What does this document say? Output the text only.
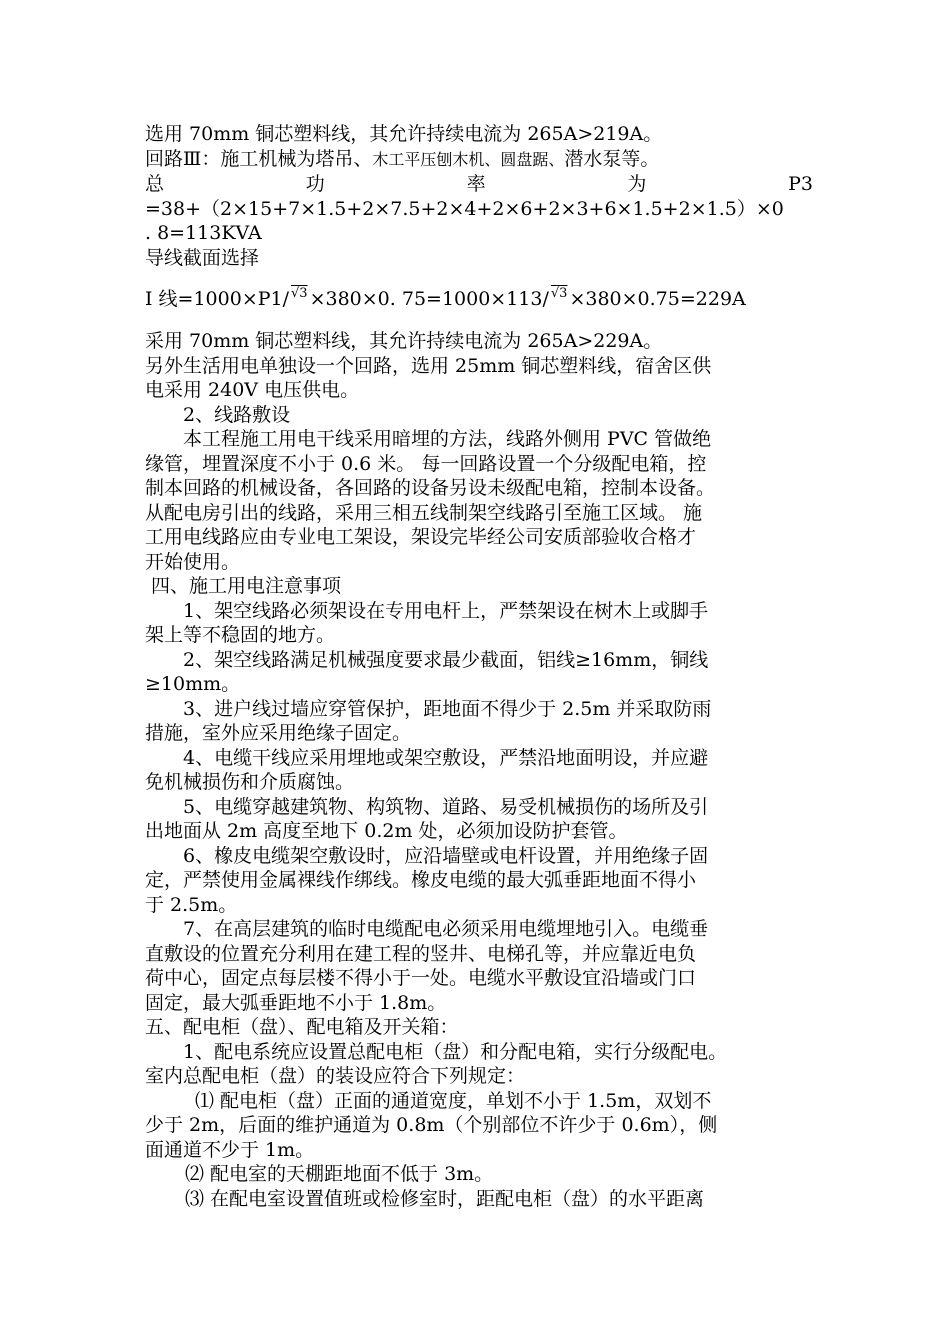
选用 70mm 铜芯塑料线，其允许持续电流为 265A>219A。
回路Ⅲ：施工机械为塔吊、木工平压刨木机、圆盘踞、潜水泵等。
总	功	率	为	P3
=38+（2×15+7×1.5+2×7.5+2×4+2×6+2×3+6×1.5+2×1.5）×0
. 8=113KVA
导线截面选择
I 线=1000×P1/ $^{√3}$ ×380×0. 75=1000×113/ $^{√3}$ ×380×0.75=229A
采用 70mm 铜芯塑料线，其允许持续电流为 265A>229A。
另外生活用电单独设一个回路，选用 25mm 铜芯塑料线，宿舍区供
电采用 240V 电压供电。
2、线路敷设
本工程施工用电干线采用暗埋的方法，线路外侧用 PVC 管做绝
缘管，埋置深度不小于 0.6 米。 每一回路设置一个分级配电箱，控
制本回路的机械设备，各回路的设备另设未级配电箱，控制本设备。
从配电房引出的线路，采用三相五线制架空线路引至施工区域。 施
工用电线路应由专业电工架设，架设完毕经公司安质部验收合格才
开始使用。
四、施工用电注意事项
1、架空线路必须架设在专用电杆上，严禁架设在树木上或脚手
架上等不稳固的地方。
2、架空线路满足机械强度要求最少截面，铝线≥16mm，铜线
≥10mm。
3、进户线过墙应穿管保护，距地面不得少于 2.5m 并采取防雨
措施，室外应采用绝缘子固定。
4、电缆干线应采用埋地或架空敷设，严禁沿地面明设，并应避
免机械损伤和介质腐蚀。
5、电缆穿越建筑物、构筑物、道路、易受机械损伤的场所及引
出地面从 2m 高度至地下 0.2m 处，必须加设防护套管。
6、橡皮电缆架空敷设时，应沿墙壁或电杆设置，并用绝缘子固
定，严禁使用金属裸线作绑线。橡皮电缆的最大弧垂距地面不得小
于 2.5m。
7、在高层建筑的临时电缆配电必须采用电缆埋地引入。电缆垂
直敷设的位置充分利用在建工程的竖井、电梯孔等，并应靠近电负
荷中心，固定点每层楼不得小于一处。电缆水平敷设宜沿墙或门口
固定，最大弧垂距地不小于 1.8m。
五、配电柜（盘）、配电箱及开关箱：
1、配电系统应设置总配电柜（盘）和分配电箱，实行分级配电。
室内总配电柜（盘）的装设应符合下列规定：
⑴ 配电柜（盘）正面的通道宽度，单划不小于 1.5m，双划不
少于 2m，后面的维护通道为 0.8m（个别部位不许少于 0.6m），侧
面通道不少于 1m。
⑵ 配电室的天棚距地面不低于 3m。
⑶ 在配电室设置值班或检修室时，距配电柜（盘）的水平距离
